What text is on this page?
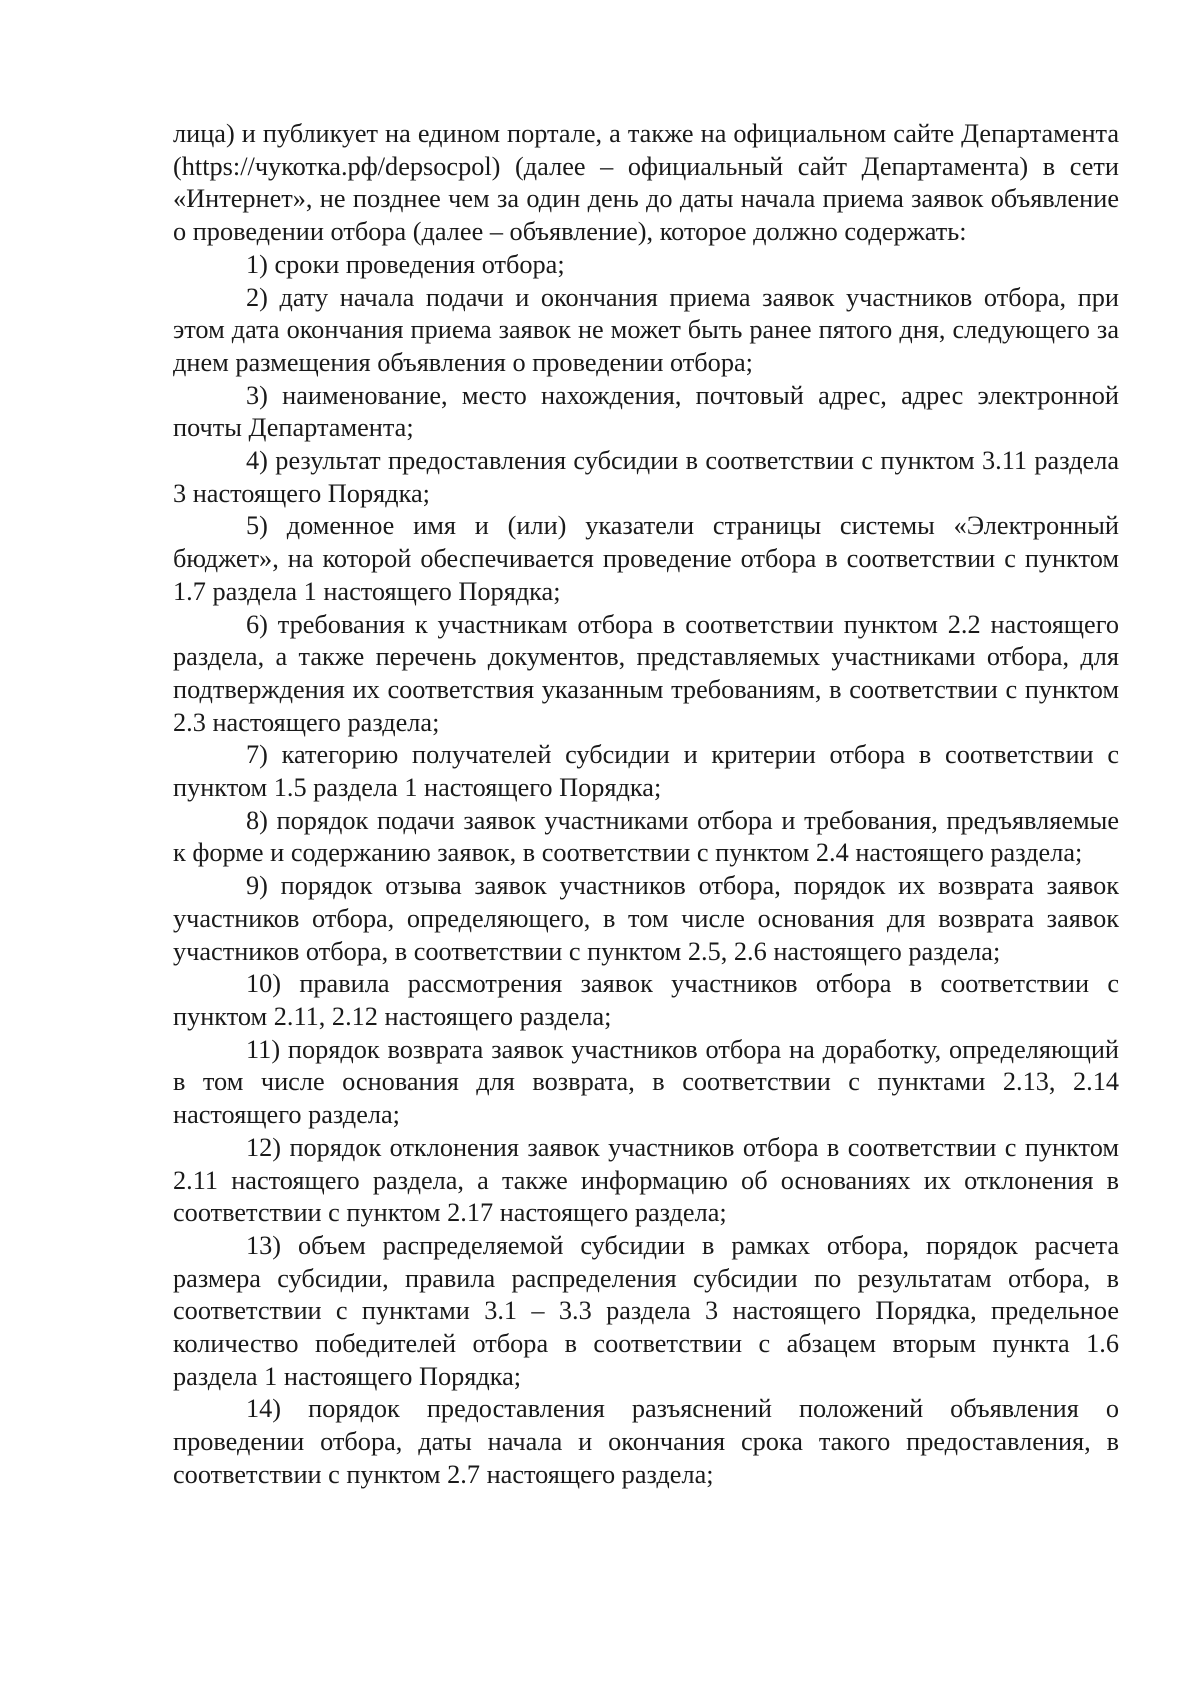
лица) и публикует на едином портале, а также на официальном сайте Департамента (https://чукотка.рф/depsocpol) (далее – официальный сайт Департамента) в сети «Интернет», не позднее чем за один день до даты начала приема заявок объявление о проведении отбора (далее – объявление), которое должно содержать:

1) сроки проведения отбора;

2) дату начала подачи и окончания приема заявок участников отбора, при этом дата окончания приема заявок не может быть ранее пятого дня, следующего за днем размещения объявления о проведении отбора;

3) наименование, место нахождения, почтовый адрес, адрес электронной почты Департамента;

4) результат предоставления субсидии в соответствии с пунктом 3.11 раздела 3 настоящего Порядка;

5) доменное имя и (или) указатели страницы системы «Электронный бюджет», на которой обеспечивается проведение отбора в соответствии с пунктом 1.7 раздела 1 настоящего Порядка;

6) требования к участникам отбора в соответствии пунктом 2.2 настоящего раздела, а также перечень документов, представляемых участниками отбора, для подтверждения их соответствия указанным требованиям, в соответствии с пунктом 2.3 настоящего раздела;

7) категорию получателей субсидии и критерии отбора в соответствии с пунктом 1.5 раздела 1 настоящего Порядка;

8) порядок подачи заявок участниками отбора и требования, предъявляемые к форме и содержанию заявок, в соответствии с пунктом 2.4 настоящего раздела;

9) порядок отзыва заявок участников отбора, порядок их возврата заявок участников отбора, определяющего, в том числе основания для возврата заявок участников отбора, в соответствии с пунктом 2.5, 2.6 настоящего раздела;

10) правила рассмотрения заявок участников отбора в соответствии с пунктом 2.11, 2.12 настоящего раздела;

11) порядок возврата заявок участников отбора на доработку, определяющий в том числе основания для возврата, в соответствии с пунктами 2.13, 2.14 настоящего раздела;

12) порядок отклонения заявок участников отбора в соответствии с пунктом 2.11 настоящего раздела, а также информацию об основаниях их отклонения в соответствии с пунктом 2.17 настоящего раздела;

13) объем распределяемой субсидии в рамках отбора, порядок расчета размера субсидии, правила распределения субсидии по результатам отбора, в соответствии с пунктами 3.1 – 3.3 раздела 3 настоящего Порядка, предельное количество победителей отбора в соответствии с абзацем вторым пункта 1.6 раздела 1 настоящего Порядка;

14) порядок предоставления разъяснений положений объявления о проведении отбора, даты начала и окончания срока такого предоставления, в соответствии с пунктом 2.7 настоящего раздела;
